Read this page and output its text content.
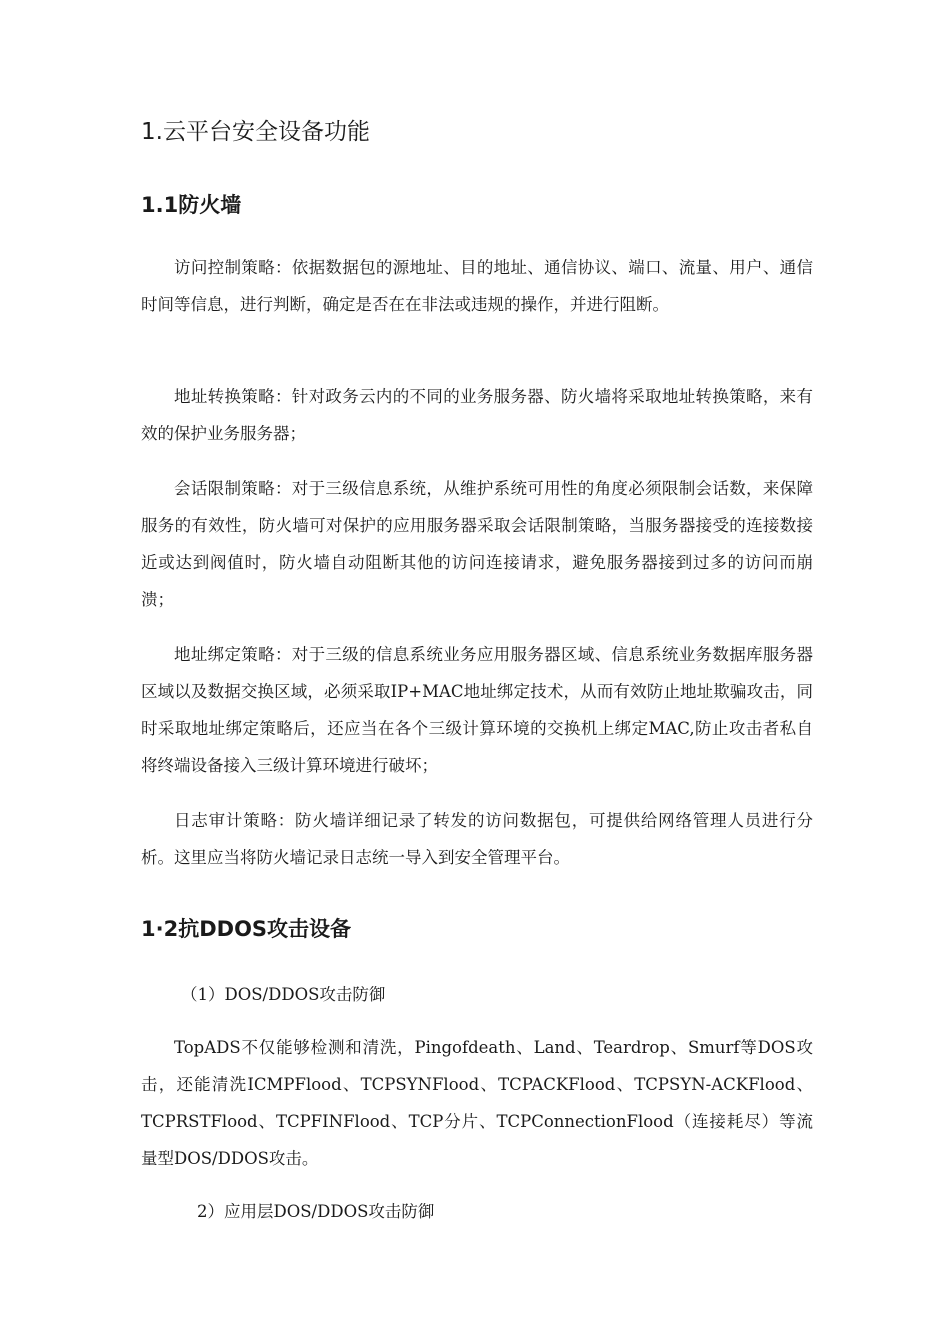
1.云平台安全设备功能
1.1防火墙

访问控制策略：依据数据包的源地址、目的地址、通信协议、端口、流量、用户、通信时间等信息，进行判断，确定是否在在非法或违规的操作，并进行阻断。

地址转换策略：针对政务云内的不同的业务服务器、防火墙将采取地址转换策略，来有效的保护业务服务器；

会话限制策略：对于三级信息系统，从维护系统可用性的角度必须限制会话数，来保障服务的有效性，防火墙可对保护的应用服务器采取会话限制策略，当服务器接受的连接数接近或达到阀值时，防火墙自动阻断其他的访问连接请求，避免服务器接到过多的访问而崩溃；

地址绑定策略：对于三级的信息系统业务应用服务器区域、信息系统业务数据库服务器区域以及数据交换区域，必须采取IP+MAC地址绑定技术，从而有效防止地址欺骗攻击，同时采取地址绑定策略后，还应当在各个三级计算环境的交换机上绑定MAC,防止攻击者私自将终端设备接入三级计算环境进行破坏；

日志审计策略：防火墙详细记录了转发的访问数据包，可提供给网络管理人员进行分析。这里应当将防火墙记录日志统一导入到安全管理平台。

1·2抗DDOS攻击设备

（1）DOS/DDOS攻击防御

TopADS不仅能够检测和清洗，Pingofdeath、Land、Teardrop、Smurf等DOS攻击，还能清洗ICMPFlood、TCPSYNFlood、TCPACKFlood、TCPSYN-ACKFlood、TCPRSTFlood、TCPFINFlood、TCP分片、TCPConnectionFlood（连接耗尽）等流量型DOS/DDOS攻击。

2）应用层DOS/DDOS攻击防御
